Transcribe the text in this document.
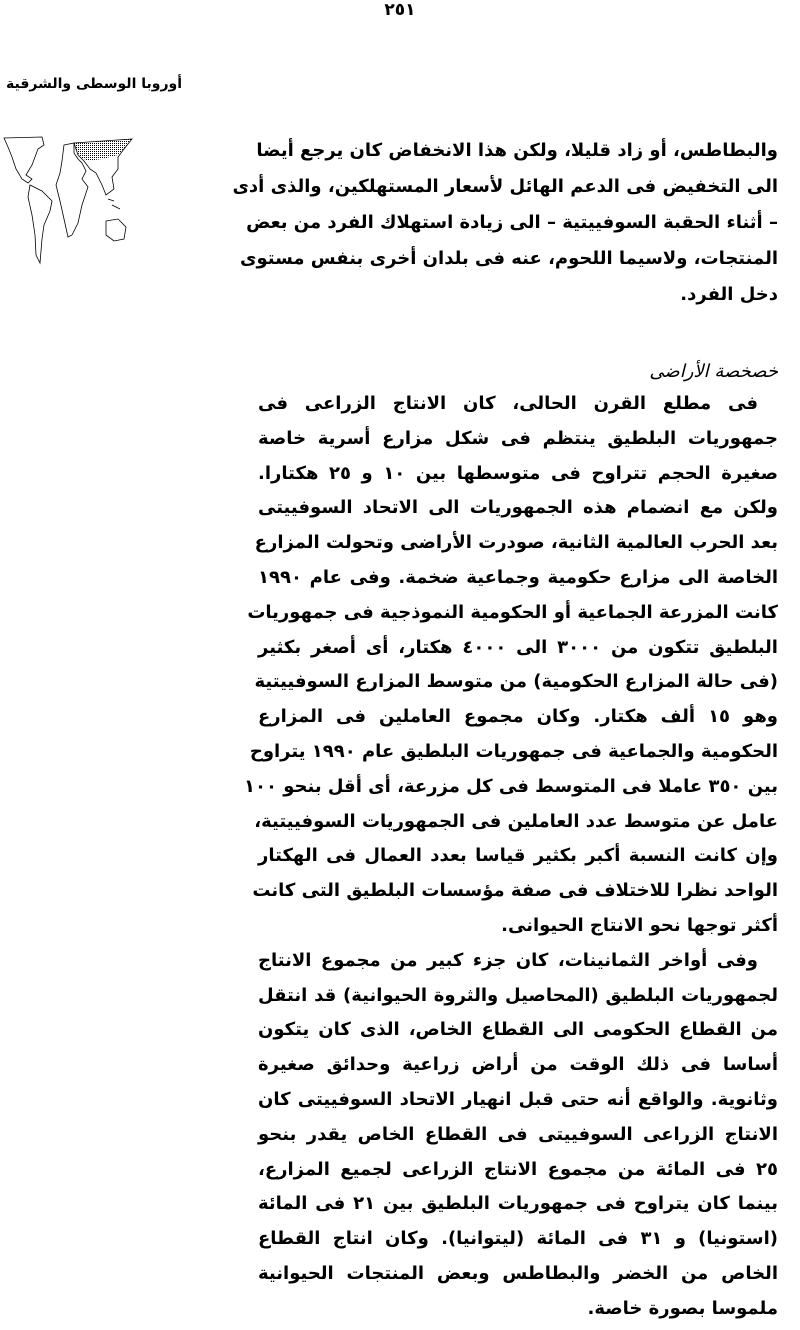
٢٥١
أوروبا الوسطى والشرقية
والبطاطس، أو زاد قليلا، ولكن هذا الانخفاض كان يرجع أيضا
الى التخفيض فى الدعم الهائل لأسعار المستهلكين، والذى أدى
– أثناء الحقبة السوفييتية – الى زيادة استهلاك الفرد من بعض
المنتجات، ولاسيما اللحوم، عنه فى بلدان أخرى بنفس مستوى
دخل الفرد.
خصخصة الأراضى
فى مطلع القرن الحالى، كان الانتاج الزراعى فى
جمهوريات البلطيق ينتظم فى شكل مزارع أسرية خاصة
صغيرة الحجم تتراوح فى متوسطها بين ١٠ و ٢٥ هكتارا.
ولكن مع انضمام هذه الجمهوريات الى الاتحاد السوفييتى
بعد الحرب العالمية الثانية، صودرت الأراضى وتحولت المزارع
الخاصة الى مزارع حكومية وجماعية ضخمة. وفى عام ١٩٩٠
كانت المزرعة الجماعية أو الحكومية النموذجية فى جمهوريات
البلطيق تتكون من ٣٠٠٠ الى ٤٠٠٠ هكتار، أى أصغر بكثير
(فى حالة المزارع الحكومية) من متوسط المزارع السوفييتية
وهو ١٥ ألف هكتار. وكان مجموع العاملين فى المزارع
الحكومية والجماعية فى جمهوريات البلطيق عام ١٩٩٠ يتراوح
بين ٣٥٠ عاملا فى المتوسط فى كل مزرعة، أى أقل بنحو ١٠٠
عامل عن متوسط عدد العاملين فى الجمهوريات السوفييتية،
وإن كانت النسبة أكبر بكثير قياسا بعدد العمال فى الهكتار
الواحد نظرا للاختلاف فى صفة مؤسسات البلطيق التى كانت
أكثر توجها نحو الانتاج الحيوانى.
وفى أواخر الثمانينات، كان جزء كبير من مجموع الانتاج
لجمهوريات البلطيق (المحاصيل والثروة الحيوانية) قد انتقل
من القطاع الحكومى الى القطاع الخاص، الذى كان يتكون
أساسا فى ذلك الوقت من أراض زراعية وحدائق صغيرة
وثانوية. والواقع أنه حتى قبل انهيار الاتحاد السوفييتى كان
الانتاج الزراعى السوفييتى فى القطاع الخاص يقدر بنحو
٢٥ فى المائة من مجموع الانتاج الزراعى لجميع المزارع،
بينما كان يتراوح فى جمهوريات البلطيق بين ٢١ فى المائة
(استونيا) و ٣١ فى المائة (ليتوانيا). وكان انتاج القطاع
الخاص من الخضر والبطاطس وبعض المنتجات الحيوانية
ملموسا بصورة خاصة.
